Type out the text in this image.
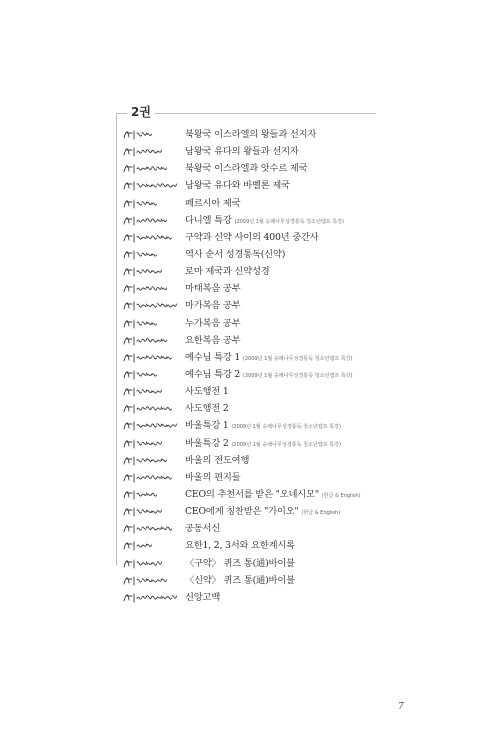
2권
북왕국 이스라엘의 왕들과 선지자
남왕국 유다의 왕들과 선지자
북왕국 이스라엘과 앗수르 제국
남왕국 유다와 바벨론 제국
페르시아 제국
다니엘 특강 (2009년 1월 숭례나무성경통독 청소년캠프 특강)
구약과 신약 사이의 400년 중간사
역사 순서 성경통독(신약)
로마 제국과 신약성경
마태복음 공부
마가복음 공부
누가복음 공부
요한복음 공부
예수님 특강 1 (2009년 1월 숭례나무성경통독 청소년캠프 특강)
예수님 특강 2 (2009년 1월 숭례나무성경통독 청소년캠프 특강)
사도행전 1
사도행전 2
바울특강 1 (2009년 1월 숭례나무성경통독 청소년캠프 특강)
바울특강 2 (2009년 1월 숭례나무성경통독 청소년캠프 특강)
바울의 전도여행
바울의 편지들
CEO의 추천서를 받은 "오네시모" (한글 & English)
CEO에게 칭찬받은 "가이오" (한글 & English)
공동서신
요한1, 2, 3서와 요한계시록
〈구약〉 퀴즈 통(通)바이블
〈신약〉 퀴즈 통(通)바이블
신앙고백
7
